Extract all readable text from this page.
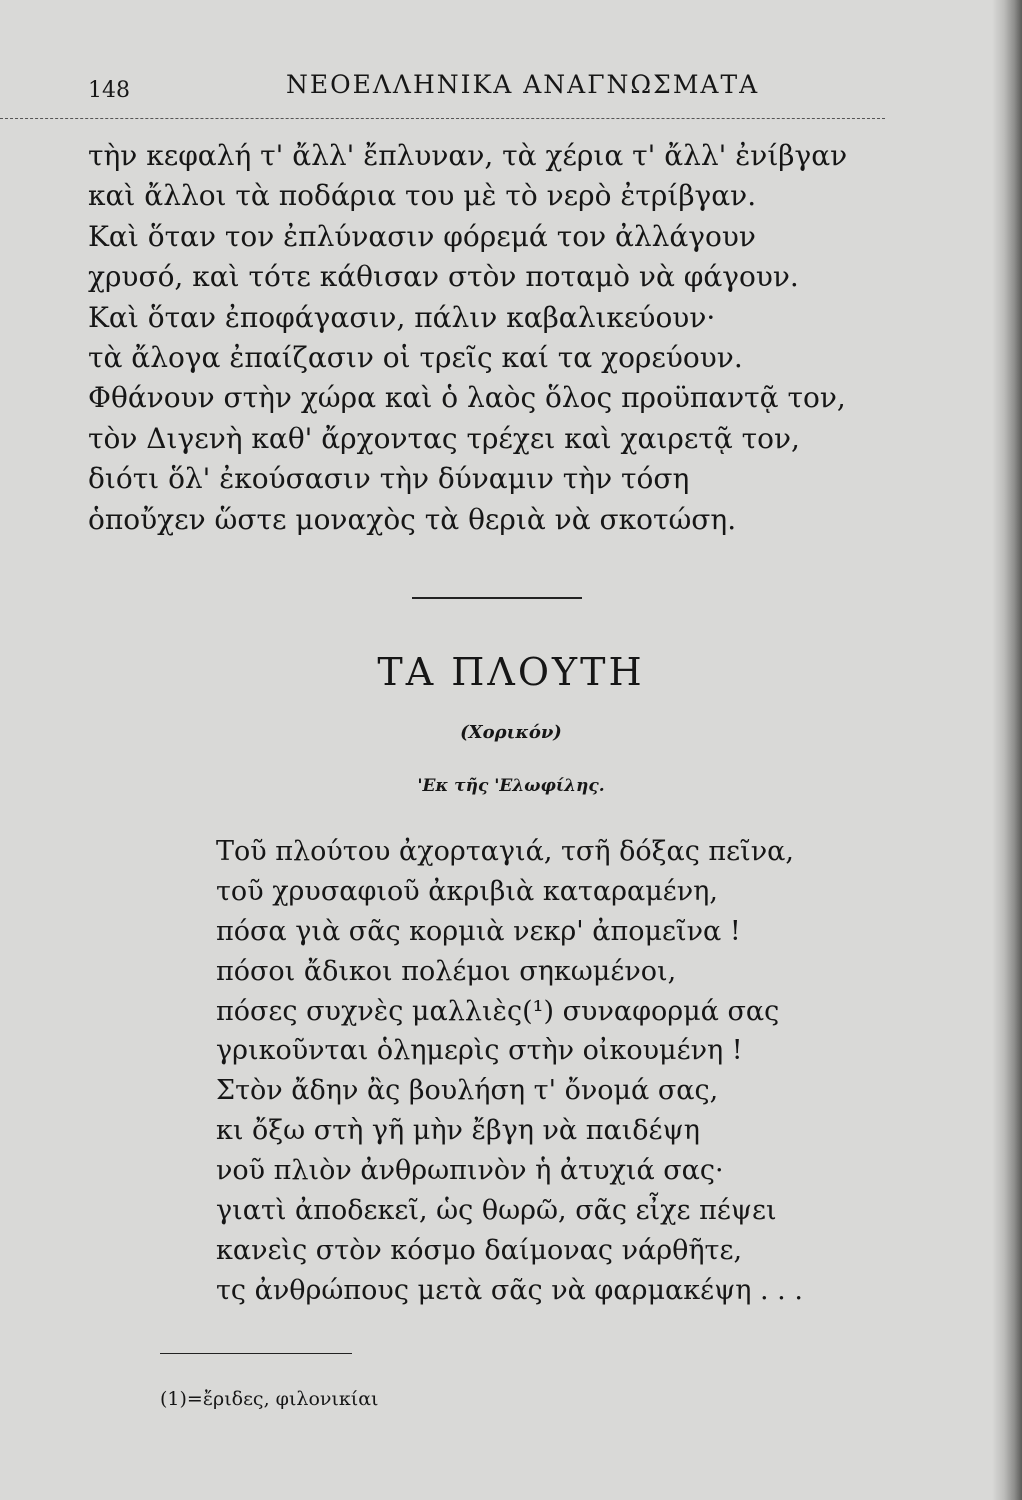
148	ΝΕΟΕΛΛΗΝΙΚΑ ΑΝΑΓΝΩΣΜΑΤΑ
τὴν κεφαλή τ' ἄλλ' ἔπλυναν, τὰ χέρια τ' ἄλλ' ἐνίβγαν
καὶ ἄλλοι τὰ ποδάρια του μὲ τὸ νερὸ ἐτρίβγαν.
Καὶ ὅταν τον ἐπλύνασιν φόρεμά τον ἀλλάγουν
χρυσό, καὶ τότε κάθισαν στὸν ποταμὸ νὰ φάγουν.
Καὶ ὅταν ἐποφάγασιν, πάλιν καβαλικεύουν·
τὰ ἄλογα ἐπαίζασιν οἱ τρεῖς καί τα χορεύουν.
Φθάνουν στὴν χώρα καὶ ὁ λαὸς ὅλος προϋπαντᾷ τον,
τὸν Διγενὴ καθ' ἄρχοντας τρέχει καὶ χαιρετᾷ τον,
διότι ὅλ' ἐκούσασιν τὴν δύναμιν τὴν τόση
ὁποὔχεν ὥστε μοναχὸς τὰ θεριὰ νὰ σκοτώση.
ΤΑ ΠΛΟΥΤΗ
(Χορικόν)
'Εκ τῆς 'Ελωφίλης.
Τοῦ πλούτου ἀχορταγιά, τσῆ δόξας πεῖνα,
τοῦ χρυσαφιοῦ ἀκριβιὰ καταραμένη,
πόσα γιὰ σᾶς κορμιὰ νεκρ' ἀπομεῖνα !
πόσοι ἄδικοι πολέμοι σηκωμένοι,
πόσες συχνὲς μαλλιὲς(¹) συναφορμά σας
γρικοῦνται ὁλημερὶς στὴν οἰκουμένη !
Στὸν ἄδην ἂς βουλήση τ' ὄνομά σας,
κι ὄξω στὴ γῆ μὴν ἔβγη νὰ παιδέψη
νοῦ πλιὸν ἀνθρωπινὸν ἡ ἀτυχιά σας·
γιατὶ ἀποδεκεῖ, ὡς θωρῶ, σᾶς εἶχε πέψει
κανεὶς στὸν κόσμο δαίμονας νάρθῆτε,
τς ἀνθρώπους μετὰ σᾶς νὰ φαρμακέψη . . .
(1)=ἔριδες, φιλονικίαι
